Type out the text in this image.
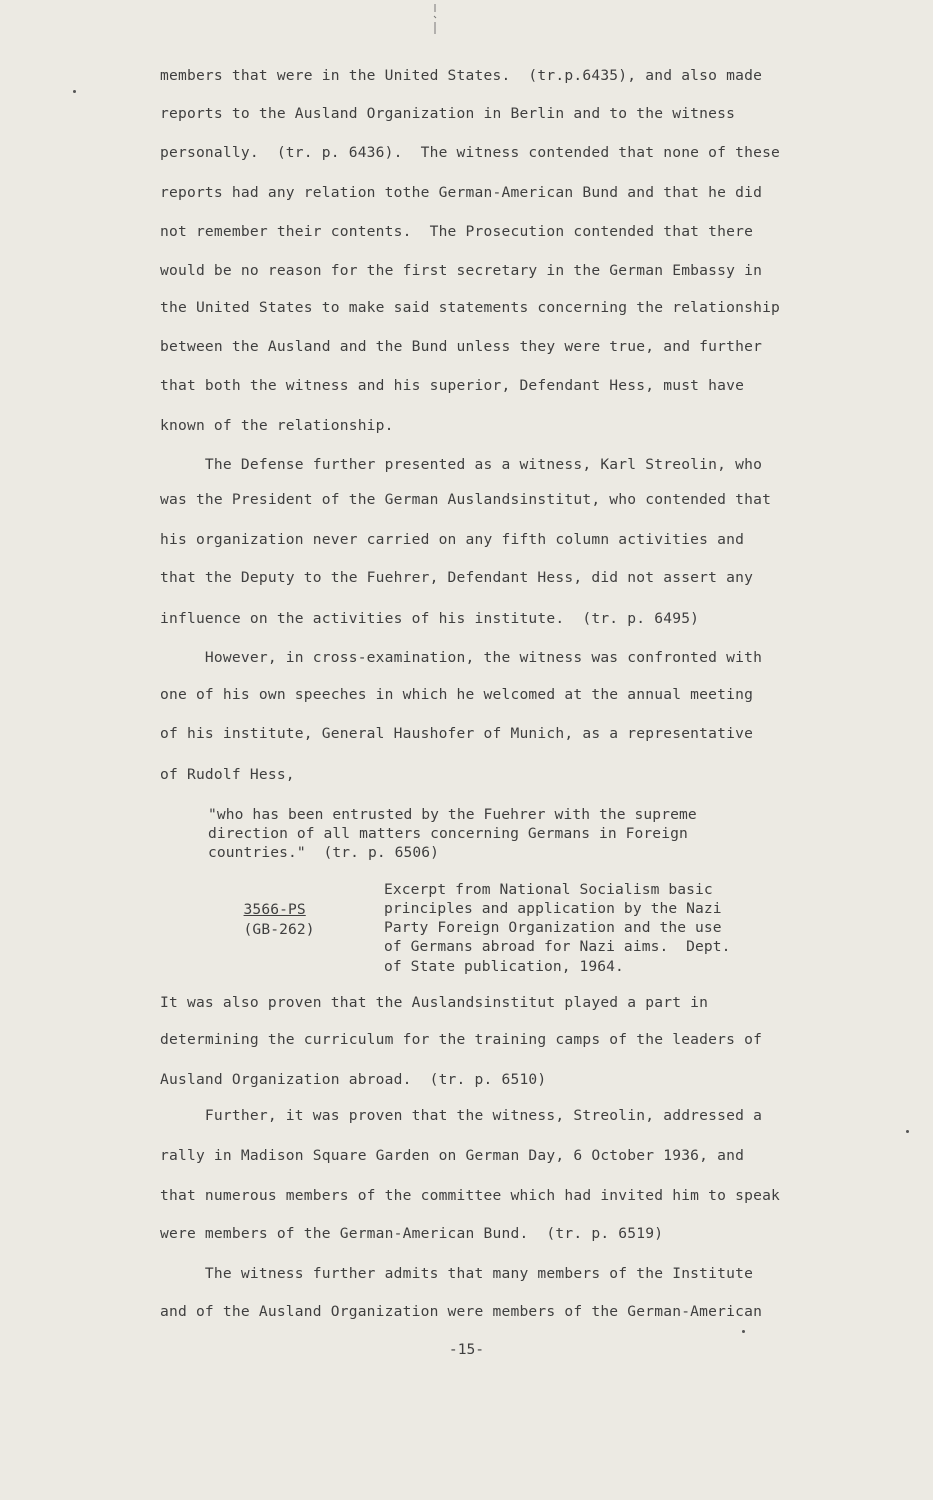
members that were in the United States.  (tr.p.6435), and also made
reports to the Ausland Organization in Berlin and to the witness
personally.  (tr. p. 6436).  The witness contended that none of these
reports had any relation tothe German-American Bund and that he did
not remember their contents.  The Prosecution contended that there
would be no reason for the first secretary in the German Embassy in
the United States to make said statements concerning the relationship
between the Ausland and the Bund unless they were true, and further
that both the witness and his superior, Defendant Hess, must have
known of the relationship.
The Defense further presented as a witness, Karl Streolin, who
was the President of the German Auslandsinstitut, who contended that
his organization never carried on any fifth column activities and
that the Deputy to the Fuehrer, Defendant Hess, did not assert any
influence on the activities of his institute.  (tr. p. 6495)
However, in cross-examination, the witness was confronted with
one of his own speeches in which he welcomed at the annual meeting
of his institute, General Haushofer of Munich, as a representative
of Rudolf Hess,
"who has been entrusted by the Fuehrer with the supreme
direction of all matters concerning Germans in Foreign
countries."  (tr. p. 6506)

3566-PS
(GB-262)

Excerpt from National Socialism basic
principles and application by the Nazi
Party Foreign Organization and the use
of Germans abroad for Nazi aims.  Dept.
of State publication, 1964.
It was also proven that the Auslandsinstitut played a part in
determining the curriculum for the training camps of the leaders of
Ausland Organization abroad.  (tr. p. 6510)
Further, it was proven that the witness, Streolin, addressed a
rally in Madison Square Garden on German Day, 6 October 1936, and
that numerous members of the committee which had invited him to speak
were members of the German-American Bund.  (tr. p. 6519)
The witness further admits that many members of the Institute
and of the Ausland Organization were members of the German-American
-15-
